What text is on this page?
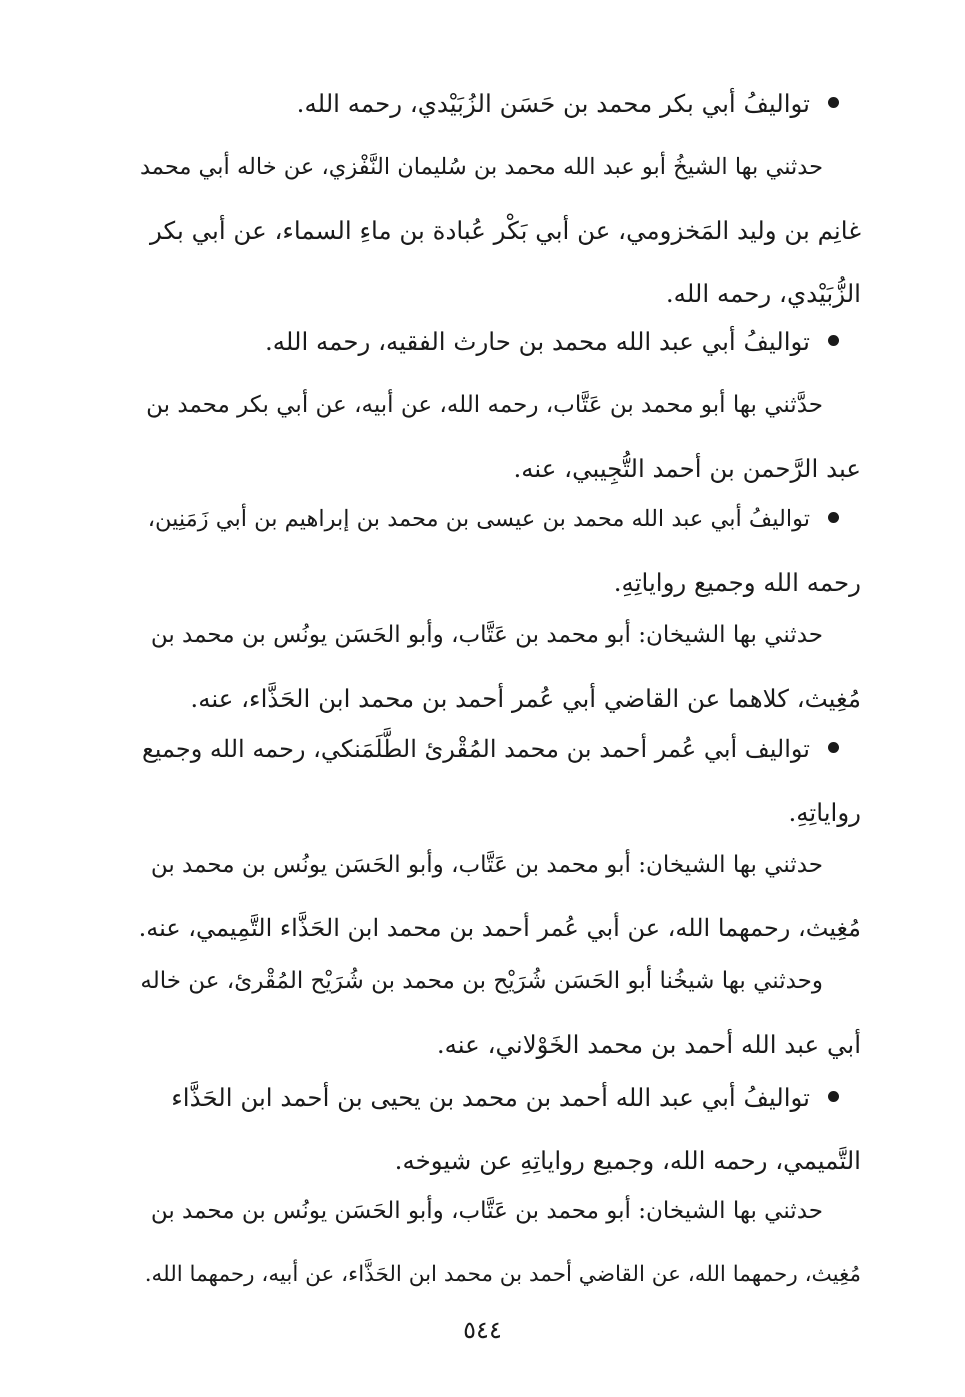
تواليفُ أبي بكر محمد بن حَسَن الزُبَيْدي، رحمه الله.
حدثني بها الشيخُ أبو عبد الله محمد بن سُليمان النَّفْزي، عن خاله أبي محمد
غانِم بن وليد المَخزومي، عن أبي بَكْر عُبادة بن ماءِ السماء، عن أبي بكر
الزُّبَيْدي، رحمه الله.
تواليفُ أبي عبد الله محمد بن حارث الفقيه، رحمه الله.
حدَّثني بها أبو محمد بن عَتَّاب، رحمه الله، عن أبيه، عن أبي بكر محمد بن
عبد الرَّحمن بن أحمد التُّجِيبي، عنه.
تواليفُ أبي عبد الله محمد بن عيسى بن محمد بن إبراهيم بن أبي زَمَنِين،
رحمه الله وجميع رواياتِهِ.
حدثني بها الشيخان: أبو محمد بن عَتَّاب، وأبو الحَسَن يونُس بن محمد بن
مُغِيث، كلاهما عن القاضي أبي عُمر أحمد بن محمد ابن الحَذَّاء، عنه.
تواليف أبي عُمر أحمد بن محمد المُقْرئ الطَّلَمَنكي، رحمه الله وجميع
رواياتِهِ.
حدثني بها الشيخان: أبو محمد بن عَتَّاب، وأبو الحَسَن يونُس بن محمد بن
مُغِيث، رحمهما الله، عن أبي عُمر أحمد بن محمد ابن الحَذَّاء التَّمِيمي، عنه.
وحدثني بها شيخُنا أبو الحَسَن شُرَيْح بن محمد بن شُرَيْح المُقْرئ، عن خاله
أبي عبد الله أحمد بن محمد الخَوْلاني، عنه.
تواليفُ أبي عبد الله أحمد بن محمد بن يحيى بن أحمد ابن الحَذَّاء
التَّميمي، رحمه الله، وجميع رواياتِهِ عن شيوخه.
حدثني بها الشيخان: أبو محمد بن عَتَّاب، وأبو الحَسَن يونُس بن محمد بن
مُغِيث، رحمهما الله، عن القاضي أحمد بن محمد ابن الحَذَّاء، عن أبيه، رحمهما الله.
٥٤٤
